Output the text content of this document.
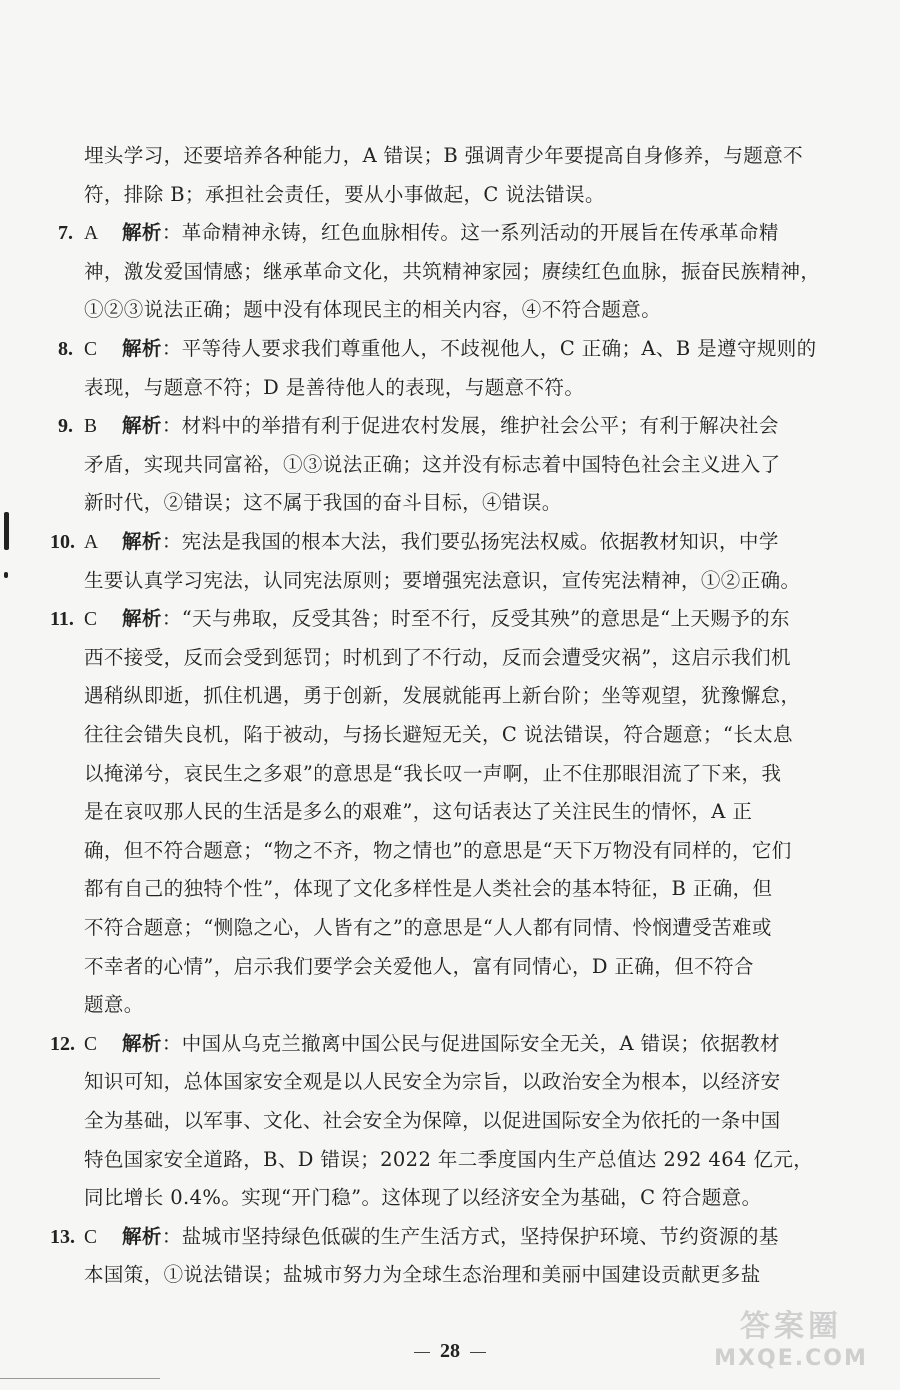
埋头学习，还要培养各种能力，A 错误；B 强调青少年要提高自身修养，与题意不
符，排除 B；承担社会责任，要从小事做起，C 说法错误。
7. A 解析：革命精神永铸，红色血脉相传。这一系列活动的开展旨在传承革命精
神，激发爱国情感；继承革命文化，共筑精神家园；赓续红色血脉，振奋民族精神，
①②③说法正确；题中没有体现民主的相关内容，④不符合题意。
8. C 解析：平等待人要求我们尊重他人，不歧视他人，C 正确；A、B 是遵守规则的
表现，与题意不符；D 是善待他人的表现，与题意不符。
9. B 解析：材料中的举措有利于促进农村发展，维护社会公平；有利于解决社会
矛盾，实现共同富裕，①③说法正确；这并没有标志着中国特色社会主义进入了
新时代，②错误；这不属于我国的奋斗目标，④错误。
10. A 解析：宪法是我国的根本大法，我们要弘扬宪法权威。依据教材知识，中学
生要认真学习宪法，认同宪法原则；要增强宪法意识，宣传宪法精神，①②正确。
11. C 解析：“天与弗取，反受其咎；时至不行，反受其殃”的意思是“上天赐予的东
西不接受，反而会受到惩罚；时机到了不行动，反而会遭受灾祸”，这启示我们机
遇稍纵即逝，抓住机遇，勇于创新，发展就能再上新台阶；坐等观望，犹豫懈怠，
往往会错失良机，陷于被动，与扬长避短无关，C 说法错误，符合题意；“长太息
以掩涕兮，哀民生之多艰”的意思是“我长叹一声啊，止不住那眼泪流了下来，我
是在哀叹那人民的生活是多么的艰难”，这句话表达了关注民生的情怀，A 正
确，但不符合题意；“物之不齐，物之情也”的意思是“天下万物没有同样的，它们
都有自己的独特个性”，体现了文化多样性是人类社会的基本特征，B 正确，但
不符合题意；“恻隐之心，人皆有之”的意思是“人人都有同情、怜悯遭受苦难或
不幸者的心情”，启示我们要学会关爱他人，富有同情心，D 正确，但不符合
题意。
12. C 解析：中国从乌克兰撤离中国公民与促进国际安全无关，A 错误；依据教材
知识可知，总体国家安全观是以人民安全为宗旨，以政治安全为根本，以经济安
全为基础，以军事、文化、社会安全为保障，以促进国际安全为依托的一条中国
特色国家安全道路，B、D 错误；2022 年二季度国内生产总值达 292 464 亿元，
同比增长 0.4%。实现“开门稳”。这体现了以经济安全为基础，C 符合题意。
13. C 解析：盐城市坚持绿色低碳的生产生活方式，坚持保护环境、节约资源的基
本国策，①说法错误；盐城市努力为全球生态治理和美丽中国建设贡献更多盐
28
答案圈
MXQE.COM
